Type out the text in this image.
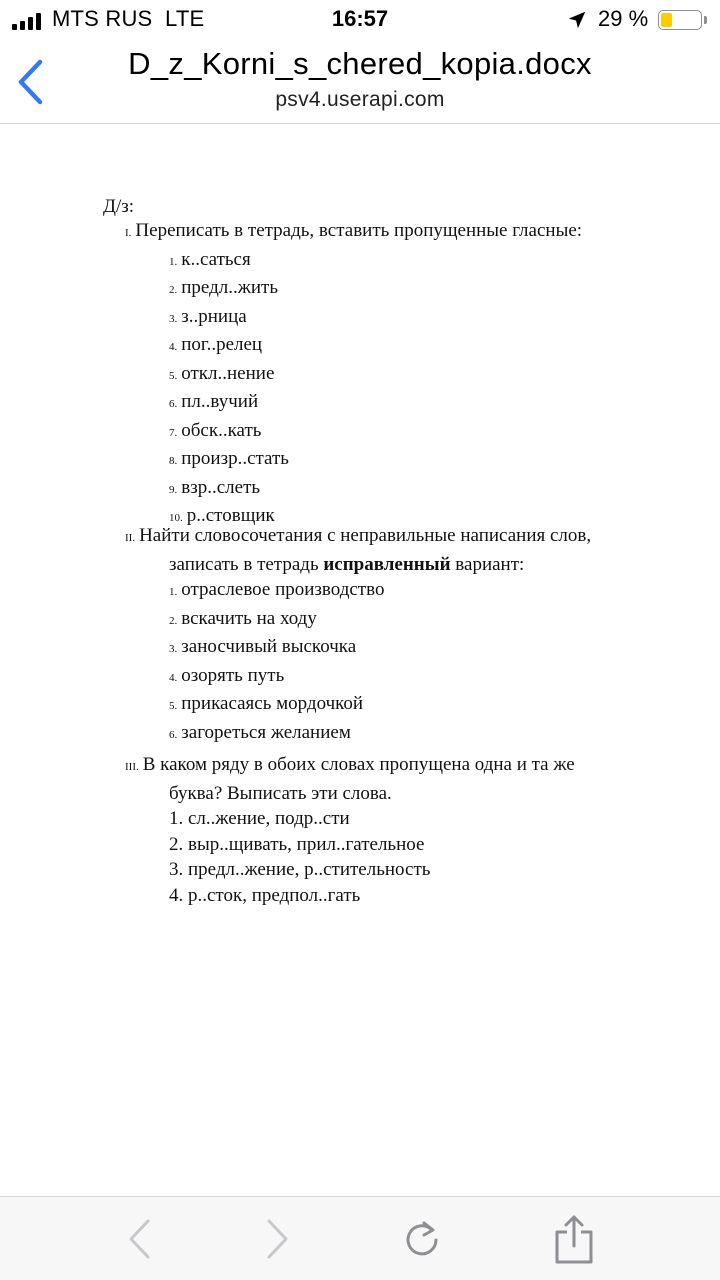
MTS RUS LTE	16:57	29 %
D_z_Korni_s_chered_kopia.docx
psv4.userapi.com
Д/з:
I. Переписать в тетрадь, вставить пропущенные гласные:
1. к..саться
2. предл..жить
3. з..рница
4. пог..релец
5. откл..нение
6. пл..вучий
7. обск..кать
8. произр..стать
9. взр..слеть
10. р..стовщик
II. Найти словосочетания с неправильные написания слов,
записать в тетрадь исправленный вариант:
1. отраслевое производство
2. вскачить на ходу
3. заносчивый выскочка
4. озорять путь
5. прикасаясь мордочкой
6. загореться желанием
III. В каком ряду в обоих словах пропущена одна и та же
буква? Выписать эти слова.
1. сл..жение, подр..сти
2. выр..щивать, прил..гательное
3. предл..жение, р..стительность
4. р..сток, предпол..гать
